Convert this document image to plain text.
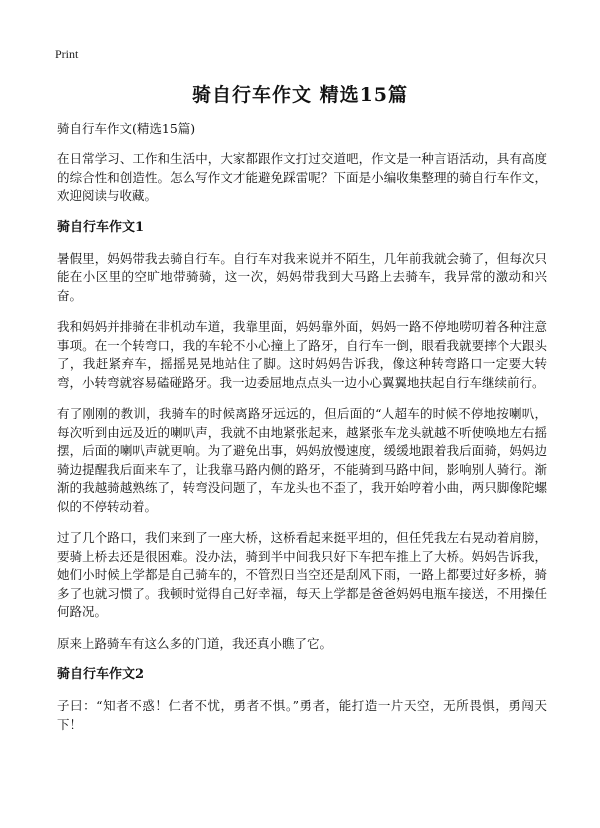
Print
骑自行车作文 精选15篇
骑自行车作文(精选15篇)

在日常学习、工作和生活中，大家都跟作文打过交道吧，作文是一种言语活动，具有高度的综合性和创造性。怎么写作文才能避免踩雷呢？下面是小编收集整理的骑自行车作文，欢迎阅读与收藏。

骑自行车作文1

暑假里，妈妈带我去骑自行车。自行车对我来说并不陌生，几年前我就会骑了，但每次只能在小区里的空旷地带骑骑，这一次，妈妈带我到大马路上去骑车，我异常的激动和兴奋。

我和妈妈并排骑在非机动车道，我靠里面，妈妈靠外面，妈妈一路不停地唠叨着各种注意事项。在一个转弯口，我的车轮不小心撞上了路牙，自行车一倒，眼看我就要摔个大跟头了，我赶紧弃车，摇摇晃晃地站住了脚。这时妈妈告诉我，像这种转弯路口一定要大转弯，小转弯就容易磕碰路牙。我一边委屈地点点头一边小心翼翼地扶起自行车继续前行。

有了刚刚的教训，我骑车的时候离路牙远远的，但后面的“人超车的时候不停地按喇叭，每次听到由远及近的喇叭声，我就不由地紧张起来，越紧张车龙头就越不听使唤地左右摇摆，后面的喇叭声就更响。为了避免出事，妈妈放慢速度，缓缓地跟着我后面骑，妈妈边骑边提醒我后面来车了，让我靠马路内侧的路牙，不能骑到马路中间，影响别人骑行。渐渐的我越骑越熟练了，转弯没问题了，车龙头也不歪了，我开始哼着小曲，两只脚像陀螺似的不停转动着。

过了几个路口，我们来到了一座大桥，这桥看起来挺平坦的，但任凭我左右晃动着肩膀，要骑上桥去还是很困难。没办法，骑到半中间我只好下车把车推上了大桥。妈妈告诉我，她们小时候上学都是自己骑车的，不管烈日当空还是刮风下雨，一路上都要过好多桥，骑多了也就习惯了。我顿时觉得自己好幸福，每天上学都是爸爸妈妈电瓶车接送，不用操任何路况。

原来上路骑车有这么多的门道，我还真小瞧了它。

骑自行车作文2

子曰：“知者不惑！仁者不忧，勇者不惧。”勇者，能打造一片天空，无所畏惧，勇闯天下！
